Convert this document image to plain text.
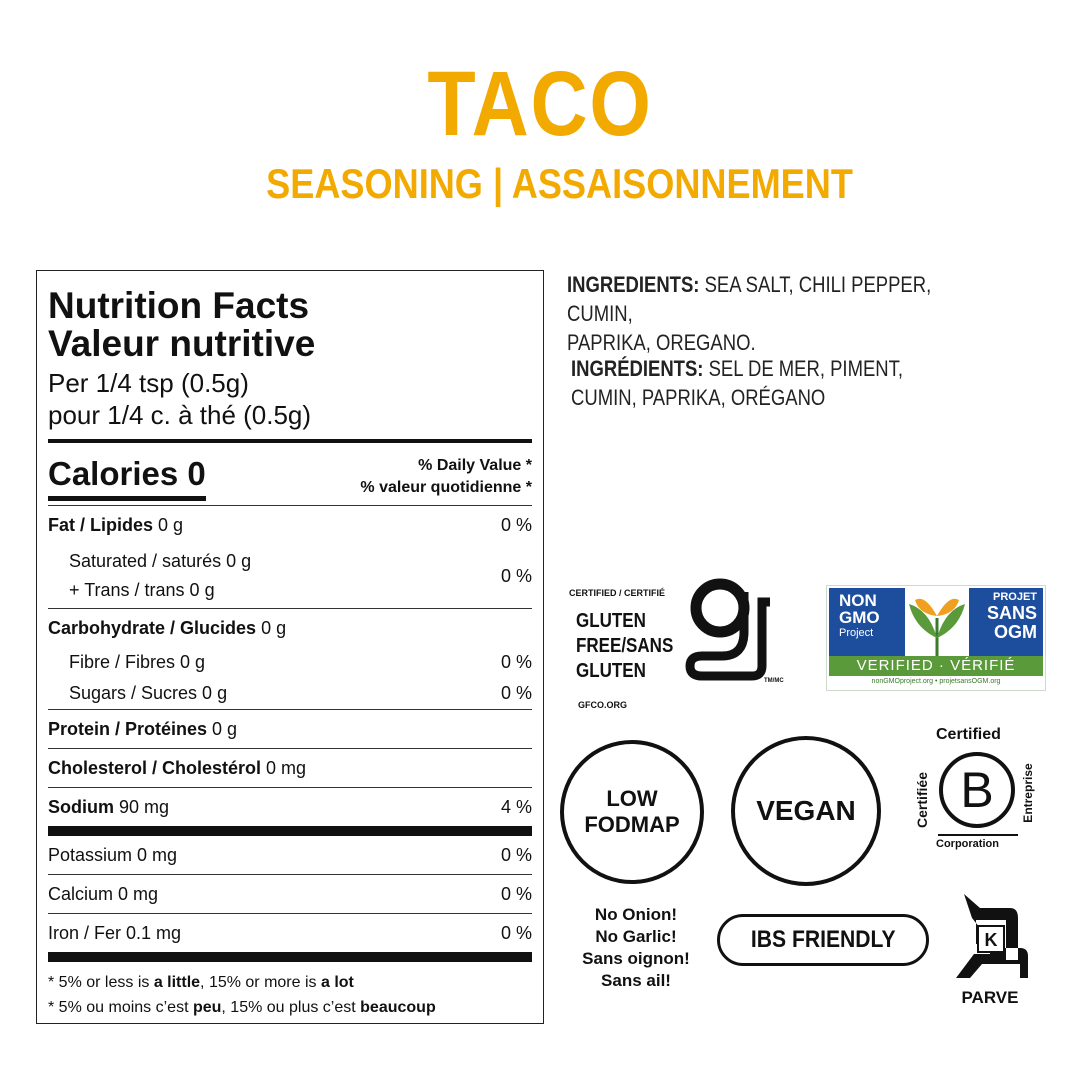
TACO
SEASONING | ASSAISONNEMENT
Nutrition Facts
Valeur nutritive
Per 1/4 tsp (0.5g)
pour 1/4 c. à thé (0.5g)
Calories 0	% Daily Value *
% valeur quotidienne *
Fat / Lipides 0 g	0 %
Saturated / saturés 0 g
+ Trans / trans 0 g
0 %
Carbohydrate / Glucides 0 g
Fibre / Fibres 0 g	0 %
Sugars / Sucres 0 g	0 %
Protein / Protéines 0 g
Cholesterol / Cholestérol 0 mg
Sodium 90 mg	4 %
Potassium 0 mg	0 %
Calcium 0 mg	0 %
Iron / Fer 0.1 mg	0 %
* 5% or less is a little, 15% or more is a lot
* 5% ou moins c’est peu, 15% ou plus c’est beaucoup
INGREDIENTS: SEA SALT, CHILI PEPPER, CUMIN,
PAPRIKA, OREGANO.
INGRÉDIENTS: SEL DE MER, PIMENT,
CUMIN, PAPRIKA, ORÉGANO
CERTIFIED / CERTIFIÉ
GLUTEN
FREE/SANS
GLUTEN	TM/MC
GFCO.ORG
NON
GMO
Project
PROJET
SANS
OGM
VERIFIED · VÉRIFIÉ
nonGMOproject.org • projetsansOGM.org
LOW
FODMAP	VEGAN
Certified
Certifiée	Entreprise
B
Corporation
No Onion!
No Garlic!
Sans oignon!
Sans ail!
IBS FRIENDLY	K
PARVE
